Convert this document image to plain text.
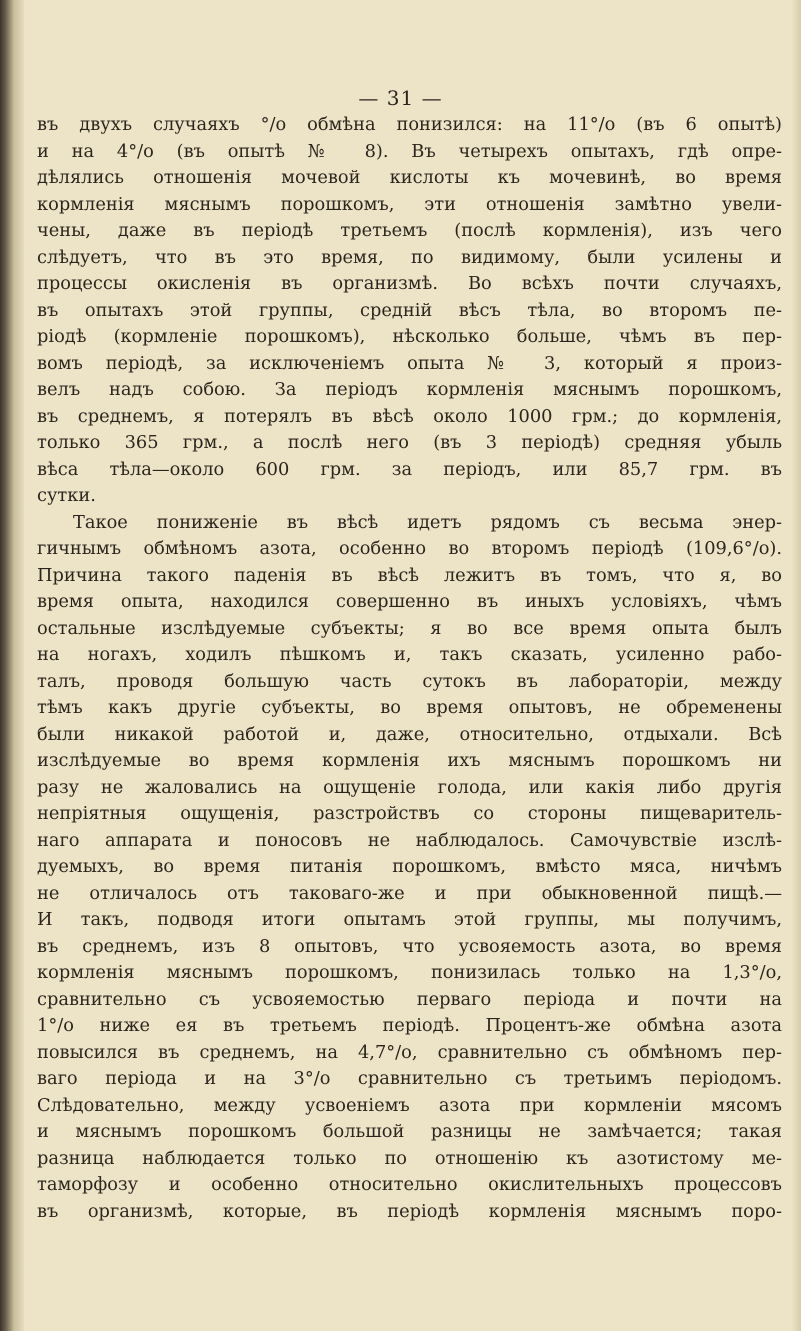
— 31 —
въ двухъ случаяхъ °/о обмѣна понизился: на 11°/о (въ 6 опытѣ)
и на 4°/о (въ опытѣ № 8). Въ четырехъ опытахъ, гдѣ опре-
дѣлялись отношенія мочевой кислоты къ мочевинѣ, во время
кормленія мяснымъ порошкомъ, эти отношенія замѣтно увели-
чены, даже въ періодѣ третьемъ (послѣ кормленія), изъ чего
слѣдуетъ, что въ это время, по видимому, были усилены и
процессы окисленія въ организмѣ. Во всѣхъ почти случаяхъ,
въ опытахъ этой группы, средній вѣсъ тѣла, во второмъ пе-
ріодѣ (кормленіе порошкомъ), нѣсколько больше, чѣмъ въ пер-
вомъ періодѣ, за исключеніемъ опыта № 3, который я произ-
велъ надъ собою. За періодъ кормленія мяснымъ порошкомъ,
въ среднемъ, я потерялъ въ вѣсѣ около 1000 грм.; до кормленія,
только 365 грм., а послѣ него (въ 3 періодѣ) средняя убыль
вѣса тѣла—около 600 грм. за періодъ, или 85,7 грм. въ
сутки.
Такое пониженіе въ вѣсѣ идетъ рядомъ съ весьма энер-
гичнымъ обмѣномъ азота, особенно во второмъ періодѣ (109,6°/о).
Причина такого паденія въ вѣсѣ лежитъ въ томъ, что я, во
время опыта, находился совершенно въ иныхъ условіяхъ, чѣмъ
остальные изслѣдуемые субъекты; я во все время опыта былъ
на ногахъ, ходилъ пѣшкомъ и, такъ сказать, усиленно рабо-
талъ, проводя большую часть сутокъ въ лабораторіи, между
тѣмъ какъ другіе субъекты, во время опытовъ, не обременены
были никакой работой и, даже, относительно, отдыхали. Всѣ
изслѣдуемые во время кормленія ихъ мяснымъ порошкомъ ни
разу не жаловались на ощущеніе голода, или какія либо другія
непріятныя ощущенія, разстройствъ со стороны пищеваритель-
наго аппарата и поносовъ не наблюдалось. Самочувствіе изслѣ-
дуемыхъ, во время питанія порошкомъ, вмѣсто мяса, ничѣмъ
не отличалось отъ таковаго-же и при обыкновенной пищѣ.—
И такъ, подводя итоги опытамъ этой группы, мы получимъ,
въ среднемъ, изъ 8 опытовъ, что усвояемость азота, во время
кормленія мяснымъ порошкомъ, понизилась только на 1,3°/о,
сравнительно съ усвояемостью перваго періода и почти на
1°/о ниже ея въ третьемъ періодѣ. Процентъ-же обмѣна азота
повысился въ среднемъ, на 4,7°/о, сравнительно съ обмѣномъ пер-
ваго періода и на 3°/о сравнительно съ третьимъ періодомъ.
Слѣдовательно, между усвоеніемъ азота при кормленіи мясомъ
и мяснымъ порошкомъ большой разницы не замѣчается; такая
разница наблюдается только по отношенію къ азотистому ме-
таморфозу и особенно относительно окислительныхъ процессовъ
въ организмѣ, которые, въ періодѣ кормленія мяснымъ поро-
